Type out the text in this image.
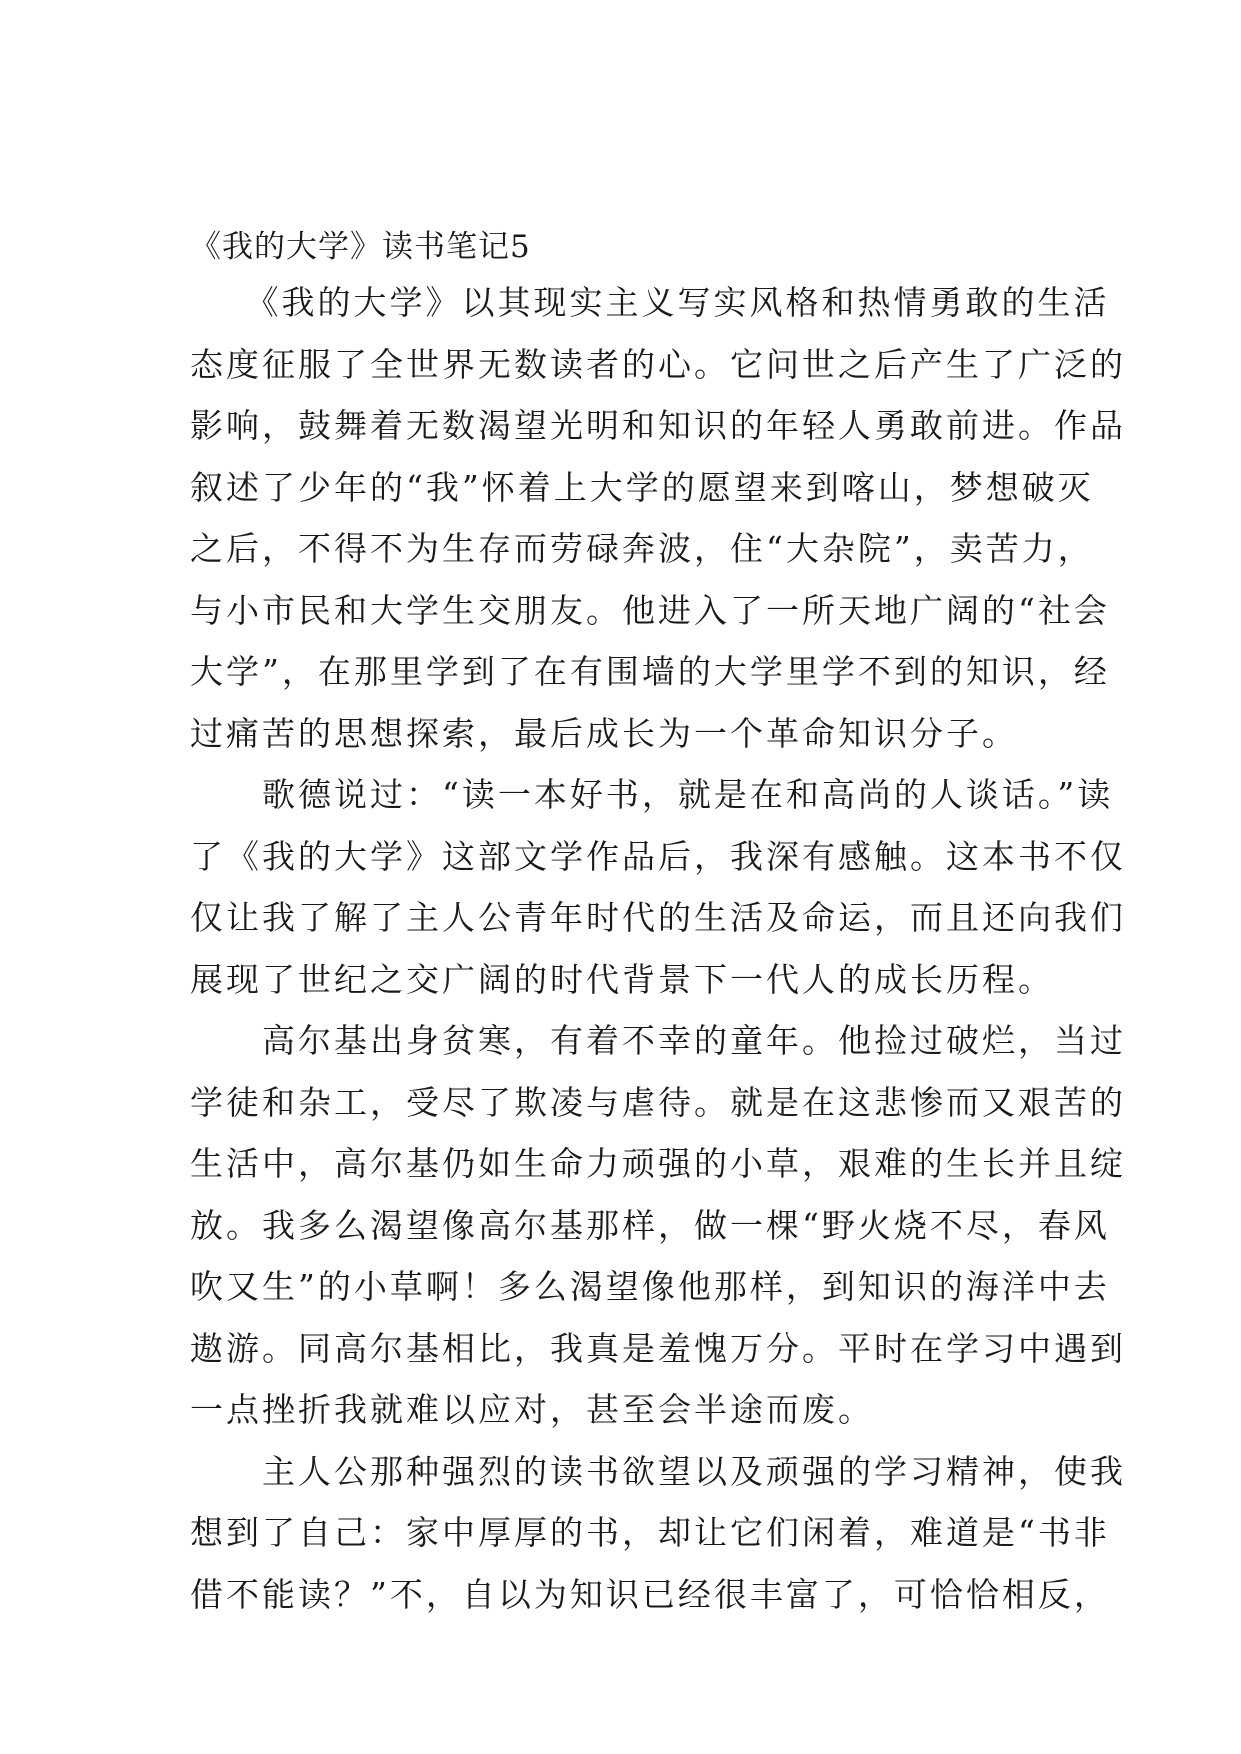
《我的大学》读书笔记5
　　《我的大学》以其现实主义写实风格和热情勇敢的生活
态度征服了全世界无数读者的心。它问世之后产生了广泛的
影响，鼓舞着无数渴望光明和知识的年轻人勇敢前进。作品
叙述了少年的“我”怀着上大学的愿望来到喀山，梦想破灭
之后，不得不为生存而劳碌奔波，住“大杂院”，卖苦力，
与小市民和大学生交朋友。他进入了一所天地广阔的“社会
大学”，在那里学到了在有围墙的大学里学不到的知识，经
过痛苦的思想探索，最后成长为一个革命知识分子。
　　歌德说过：“读一本好书，就是在和高尚的人谈话。”读
了《我的大学》这部文学作品后，我深有感触。这本书不仅
仅让我了解了主人公青年时代的生活及命运，而且还向我们
展现了世纪之交广阔的时代背景下一代人的成长历程。
　　高尔基出身贫寒，有着不幸的童年。他捡过破烂，当过
学徒和杂工，受尽了欺凌与虐待。就是在这悲惨而又艰苦的
生活中，高尔基仍如生命力顽强的小草，艰难的生长并且绽
放。我多么渴望像高尔基那样，做一棵“野火烧不尽，春风
吹又生”的小草啊！多么渴望像他那样，到知识的海洋中去
遨游。同高尔基相比，我真是羞愧万分。平时在学习中遇到
一点挫折我就难以应对，甚至会半途而废。
　　主人公那种强烈的读书欲望以及顽强的学习精神，使我
想到了自己：家中厚厚的书，却让它们闲着，难道是“书非
借不能读？”不，自以为知识已经很丰富了，可恰恰相反，
